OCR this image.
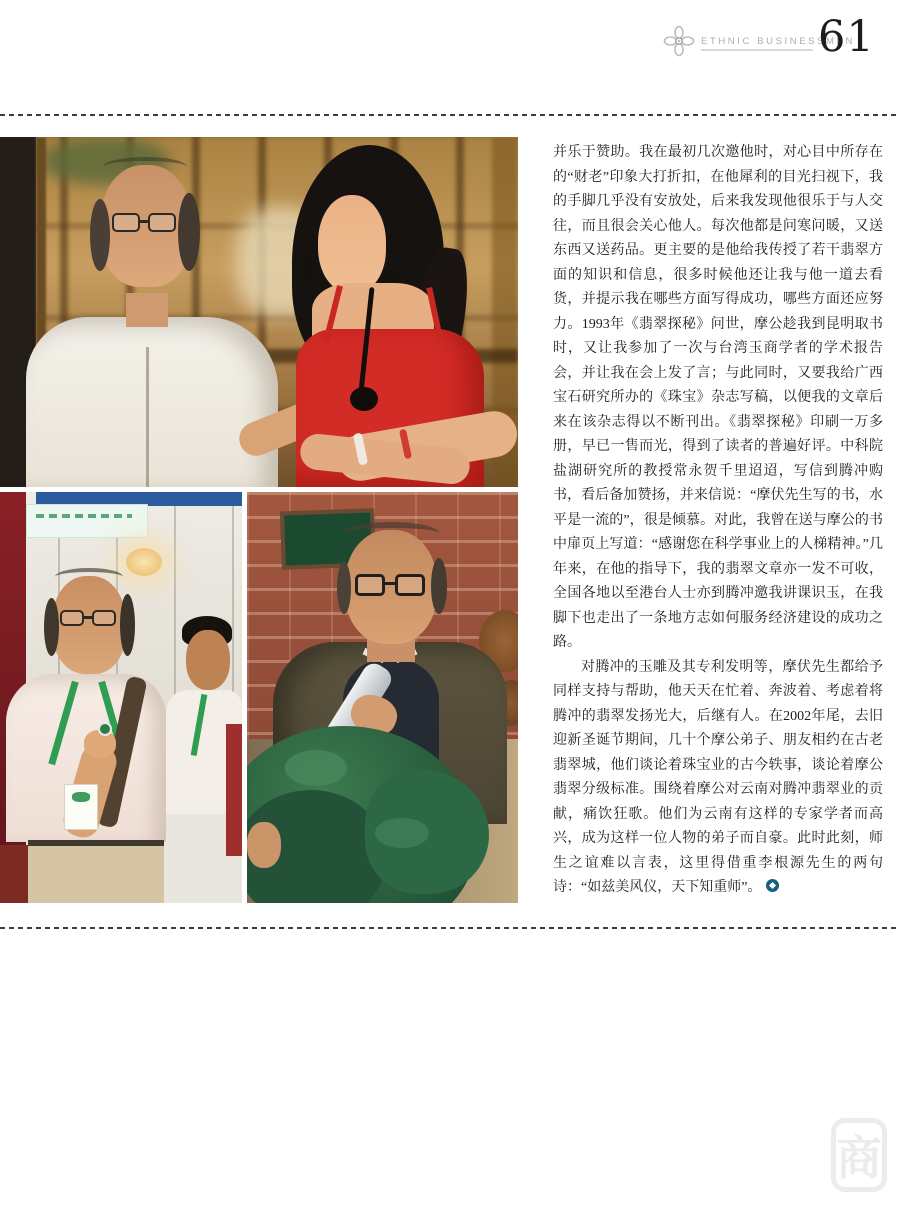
ETHNIC BUSINESSMEN
61

并乐于赞助。我在最初几次邀他时，对心目中所存在的“财老”印象大打折扣，在他犀利的目光扫视下，我的手脚几乎没有安放处，后来我发现他很乐于与人交往，而且很会关心他人。每次他都是问寒问暖，又送东西又送药品。更主要的是他给我传授了若干翡翠方面的知识和信息，很多时候他还让我与他一道去看货，并提示我在哪些方面写得成功，哪些方面还应努力。1993年《翡翠探秘》问世，摩公趁我到昆明取书时，又让我参加了一次与台湾玉商学者的学术报告会，并让我在会上发了言；与此同时，又要我给广西宝石研究所办的《珠宝》杂志写稿，以便我的文章后来在该杂志得以不断刊出。《翡翠探秘》印刷一万多册，早已一售而光，得到了读者的普遍好评。中科院盐湖研究所的教授常永贺千里迢迢，写信到腾冲购书，看后备加赞扬，并来信说：“摩伏先生写的书，水平是一流的”，很是倾慕。对此，我曾在送与摩公的书中扉页上写道：“感谢您在科学事业上的人梯精神。”几年来，在他的指导下，我的翡翠文章亦一发不可收，全国各地以至港台人士亦到腾冲邀我讲课识玉，在我脚下也走出了一条地方志如何服务经济建设的成功之路。

对腾冲的玉雕及其专利发明等，摩伏先生都给予同样支持与帮助，他天天在忙着、奔波着、考虑着将腾冲的翡翠发扬光大，后继有人。在2002年尾，去旧迎新圣诞节期间，几十个摩公弟子、朋友相约在古老翡翠城，他们谈论着珠宝业的古今轶事，谈论着摩公翡翠分级标准。围绕着摩公对云南对腾冲翡翠业的贡献，痛饮狂歌。他们为云南有这样的专家学者而高兴，成为这样一位人物的弟子而自豪。此时此刻，师生之谊难以言表，这里得借重李根源先生的两句诗：“如兹美风仪，天下知重师”。

商
